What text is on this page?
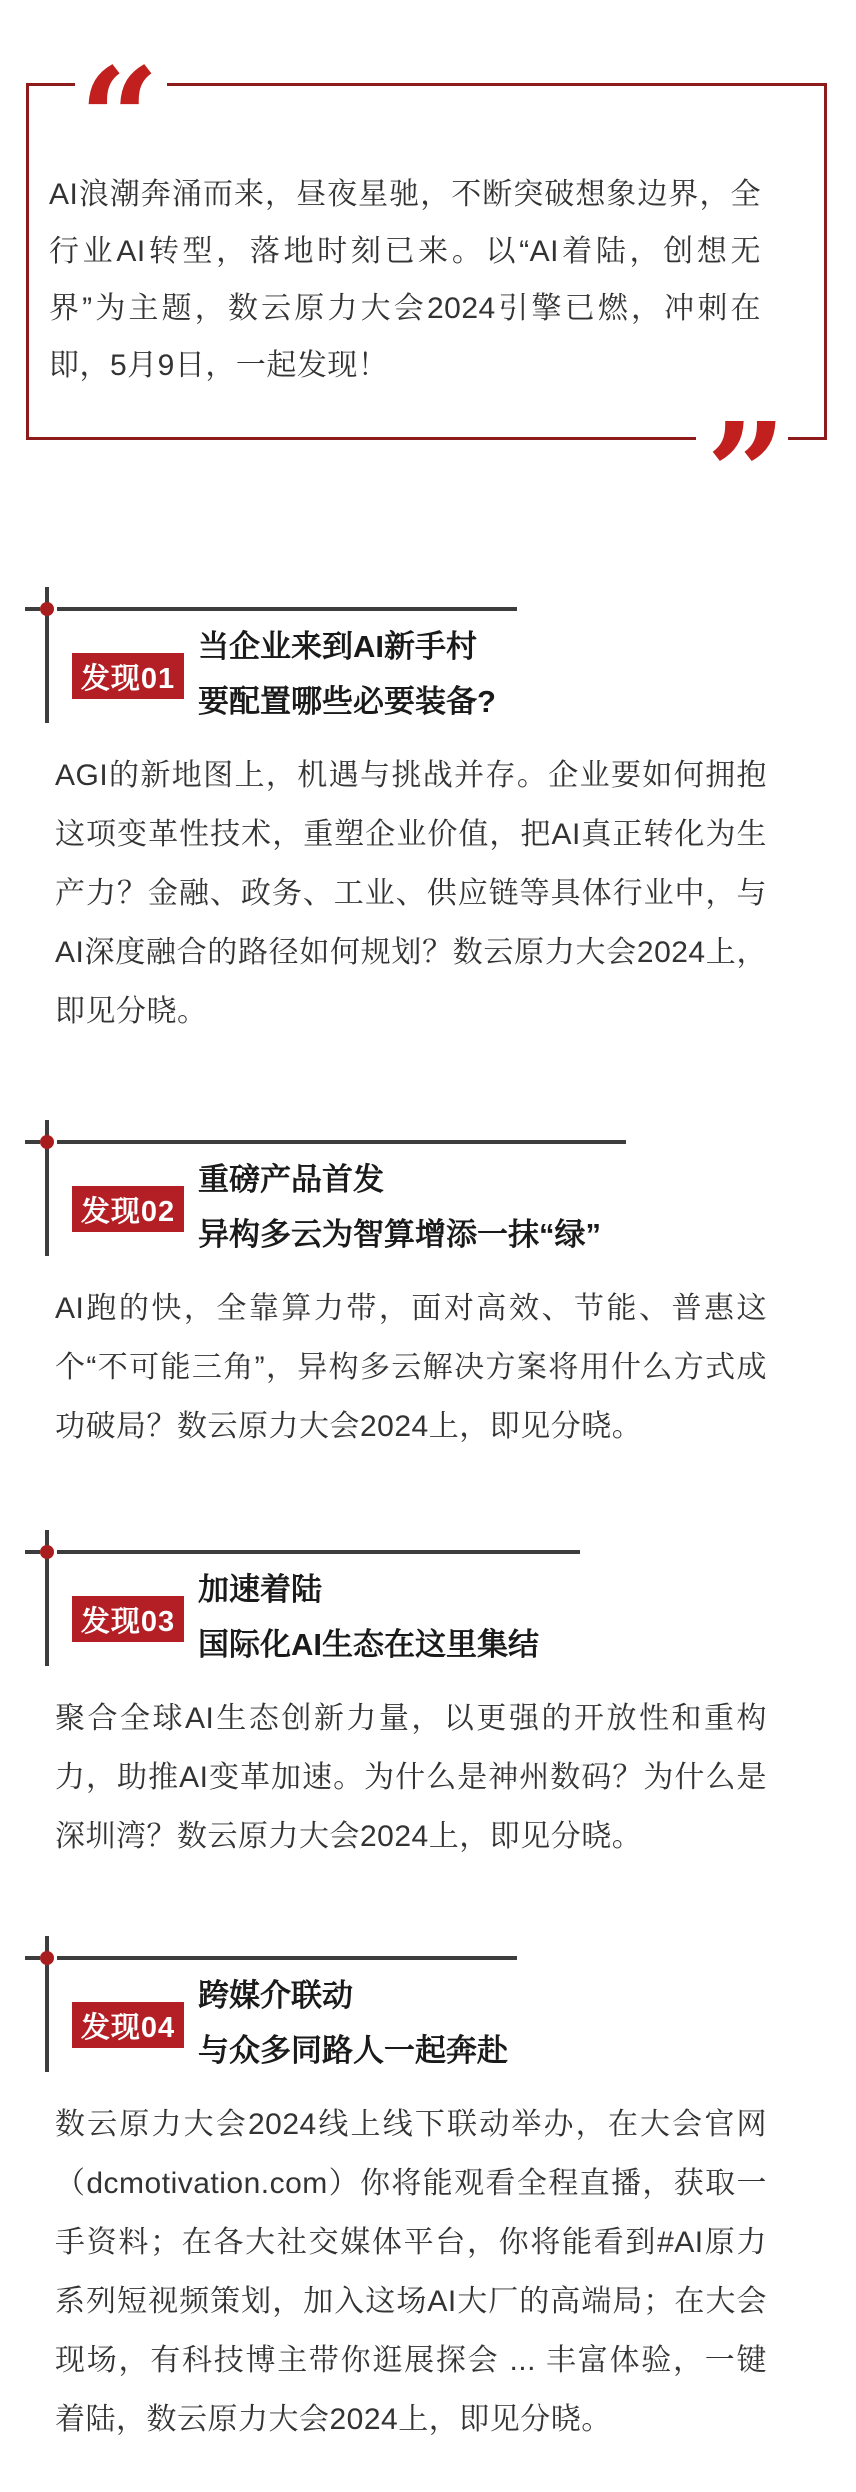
“
AI浪潮奔涌而来，昼夜星驰，不断突破想象边界，全行业AI转型，落地时刻已来。以“AI着陆，创想无界”为主题，数云原力大会2024引擎已燃，冲刺在即，5月9日，一起发现！
”
发现01
当企业来到AI新手村
要配置哪些必要装备?
AGI的新地图上，机遇与挑战并存。企业要如何拥抱这项变革性技术，重塑企业价值，把AI真正转化为生产力？金融、政务、工业、供应链等具体行业中，与AI深度融合的路径如何规划？数云原力大会2024上，即见分晓。
发现02
重磅产品首发
异构多云为智算增添一抹“绿”
AI跑的快，全靠算力带，面对高效、节能、普惠这个“不可能三角”，异构多云解决方案将用什么方式成功破局？数云原力大会2024上，即见分晓。
发现03
加速着陆
国际化AI生态在这里集结
聚合全球AI生态创新力量，以更强的开放性和重构力，助推AI变革加速。为什么是神州数码？为什么是深圳湾？数云原力大会2024上，即见分晓。
发现04
跨媒介联动
与众多同路人一起奔赴
数云原力大会2024线上线下联动举办，在大会官网（dcmotivation.com）你将能观看全程直播，获取一手资料；在各大社交媒体平台，你将能看到#AI原力系列短视频策划，加入这场AI大厂的高端局；在大会现场，有科技博主带你逛展探会 ... 丰富体验，一键着陆，数云原力大会2024上，即见分晓。
